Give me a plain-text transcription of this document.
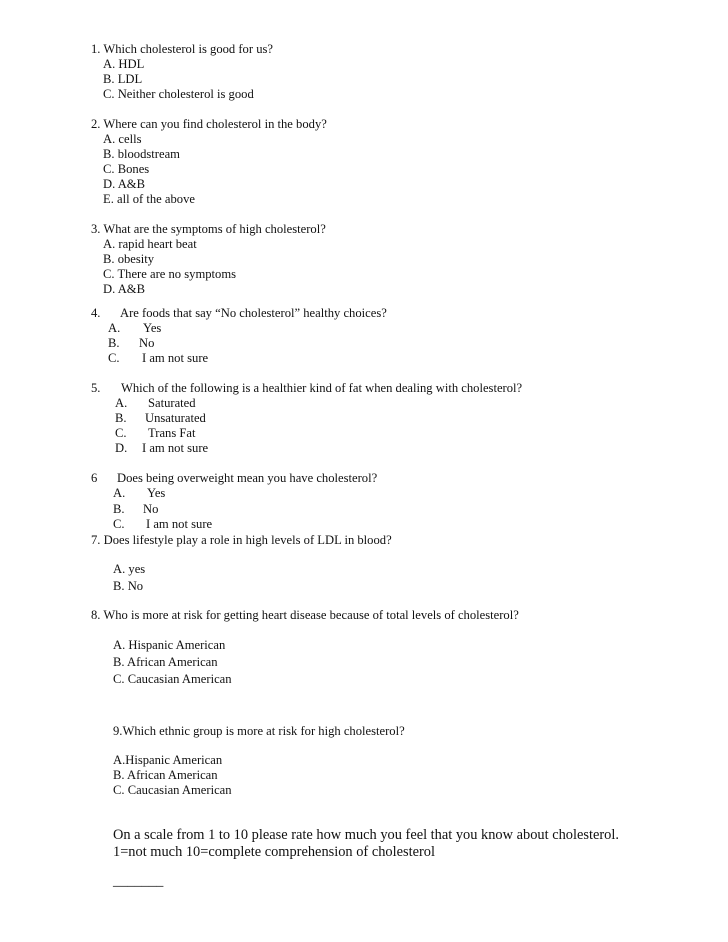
1. Which cholesterol is good for us?

A. HDL

B. LDL

C. Neither cholesterol is good

2. Where can you find cholesterol in the body?

A. cells

B. bloodstream

C. Bones

D. A&B

E. all of the above

3. What are the symptoms of high cholesterol?

A. rapid heart beat

B. obesity

C. There are no symptoms

D. A&B

4. Are foods that say “No cholesterol” healthy choices?

A. Yes

B. No

C. I am not sure

5. Which of the following is a healthier kind of fat when dealing with cholesterol?

A. Saturated

B. Unsaturated

C. Trans Fat

D. I am not sure

6 Does being overweight mean you have cholesterol?

A. Yes

B. No

C. I am not sure

7. Does lifestyle play a role in high levels of LDL in blood?

A. yes

B. No

8. Who is more at risk for getting heart disease because of total levels of cholesterol?

A. Hispanic American

B. African American

C. Caucasian American

9.Which ethnic group is more at risk for high cholesterol?

A.Hispanic American

B. African American

C. Caucasian American

On a scale from 1 to 10 please rate how much you feel that you know about cholesterol.

1=not much 10=complete comprehension of cholesterol

_______
